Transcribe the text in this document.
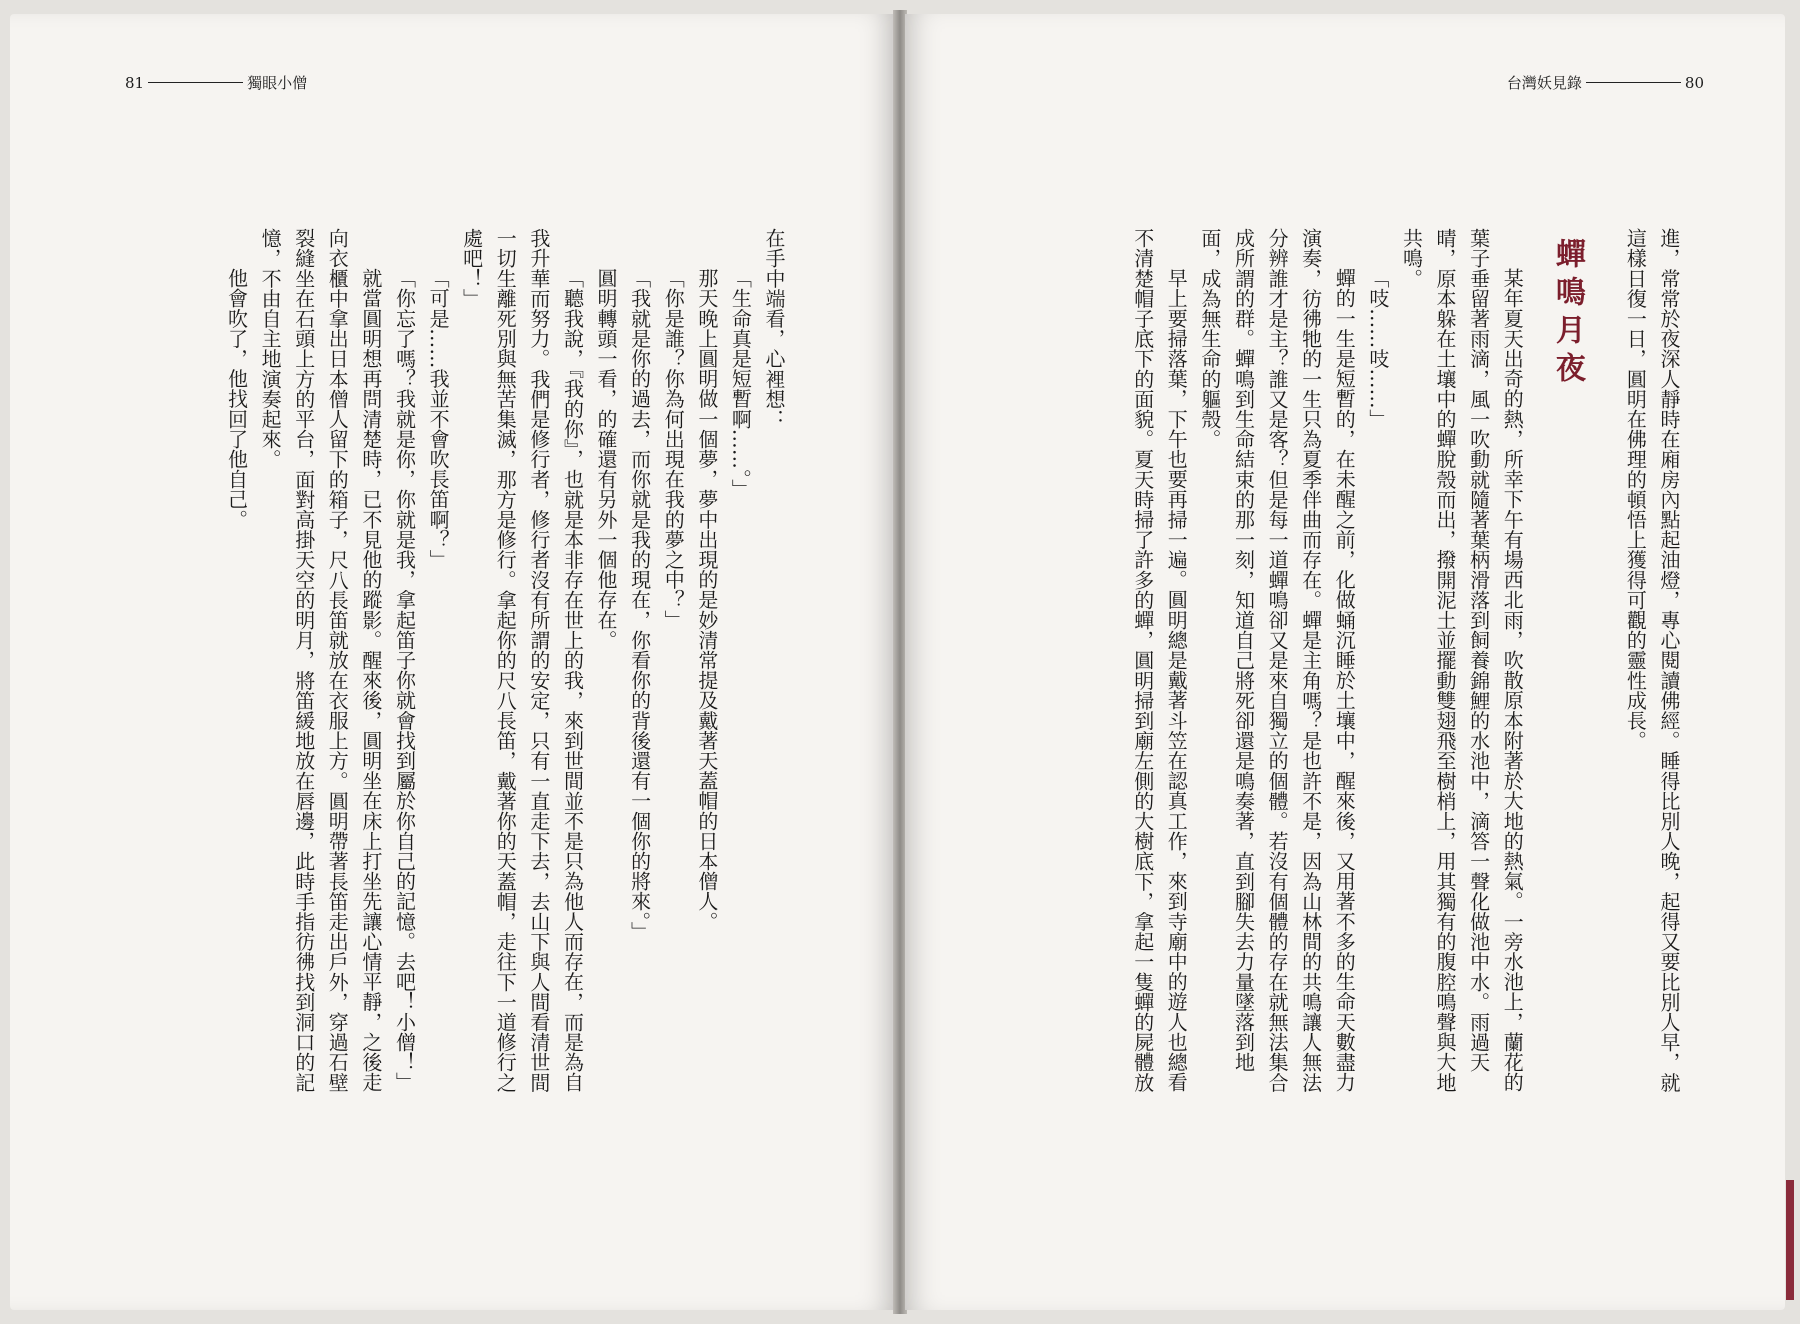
81	獨眼小僧	台灣妖見錄	80

進，常常於夜深人靜時在廂房內點起油燈，專心閱讀佛經。睡得比別人晚，起得又要比別人早，就這樣日復一日，圓明在佛理的頓悟上獲得可觀的靈性成長。

蟬鳴月夜

某年夏天出奇的熱，所幸下午有場西北雨，吹散原本附著於大地的熱氣。一旁水池上，蘭花的葉子垂留著雨滴，風一吹動就隨著葉柄滑落到飼養錦鯉的水池中，滴答一聲化做池中水。雨過天晴，原本躲在土壤中的蟬脫殼而出，撥開泥土並擺動雙翅飛至樹梢上，用其獨有的腹腔鳴聲與大地共鳴。

「吱……吱……」

蟬的一生是短暫的，在未醒之前，化做蛹沉睡於土壤中，醒來後，又用著不多的生命天數盡力演奏，彷彿牠的一生只為夏季伴曲而存在。蟬是主角嗎？是也許不是，因為山林間的共鳴讓人無法分辨誰才是主？誰又是客？但是每一道蟬鳴卻又是來自獨立的個體。若沒有個體的存在就無法集合成所謂的群。蟬鳴到生命結束的那一刻，知道自己將死卻還是鳴奏著，直到腳失去力量墜落到地面，成為無生命的軀殼。

早上要掃落葉，下午也要再掃一遍。圓明總是戴著斗笠在認真工作，來到寺廟中的遊人也總看不清楚帽子底下的面貌。夏天時掃了許多的蟬，圓明掃到廟左側的大樹底下，拿起一隻蟬的屍體放

在手中端看，心裡想：

「生命真是短暫啊……。」

那天晚上圓明做一個夢，夢中出現的是妙清常提及戴著天蓋帽的日本僧人。

「你是誰？你為何出現在我的夢之中？」

「我就是你的過去，而你就是我的現在，你看你的背後還有一個你的將來。」

圓明轉頭一看，的確還有另外一個他存在。

「聽我說，『我的你』，也就是本非存在世上的我，來到世間並不是只為他人而存在，而是為自我升華而努力。我們是修行者，修行者沒有所謂的安定，只有一直走下去，去山下與人間看清世間一切生離死別與無苦集滅，那方是修行。拿起你的尺八長笛，戴著你的天蓋帽，走往下一道修行之處吧！」

「可是……我並不會吹長笛啊？」

「你忘了嗎？我就是你，你就是我，拿起笛子你就會找到屬於你自己的記憶。去吧！小僧！」

就當圓明想再問清楚時，已不見他的蹤影。醒來後，圓明坐在床上打坐先讓心情平靜，之後走向衣櫃中拿出日本僧人留下的箱子，尺八長笛就放在衣服上方。圓明帶著長笛走出戶外，穿過石壁裂縫坐在石頭上方的平台，面對高掛天空的明月，將笛緩地放在唇邊，此時手指彷彿找到洞口的記憶，不由自主地演奏起來。

他會吹了，他找回了他自己。
